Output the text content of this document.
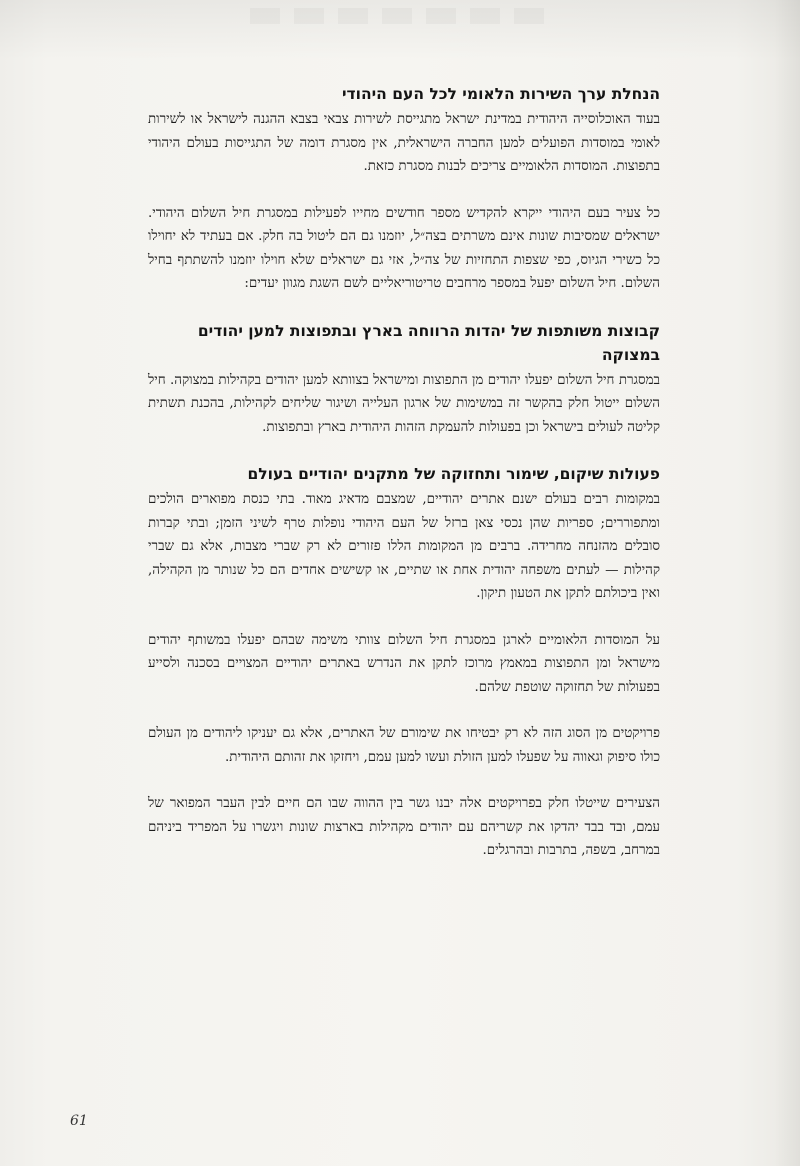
הנחלת ערך השירות הלאומי לכל העם היהודי

בעוד האוכלוסייה היהודית במדינת ישראל מתגייסת לשירות צבאי בצבא ההגנה לישראל או לשירות לאומי במוסדות הפועלים למען החברה הישראלית, אין מסגרת דומה של התגייסות בעולם היהודי בתפוצות. המוסדות הלאומיים צריכים לבנות מסגרת כזאת.

כל צעיר בעם היהודי ייקרא להקדיש מספר חודשים מחייו לפעילות במסגרת חיל השלום היהודי. ישראלים שמסיבות שונות אינם משרתים בצה״ל, יוזמנו גם הם ליטול בה חלק. אם בעתיד לא יחוילו כל כשירי הגיוס, כפי שצפות התחזיות של צה״ל, אזי גם ישראלים שלא חוילו יוזמנו להשתתף בחיל השלום. חיל השלום יפעל במספר מרחבים טריטוריאליים לשם השגת מגוון יעדים:

קבוצות משותפות של יהדות הרווחה בארץ ובתפוצות למען יהודים במצוקה

במסגרת חיל השלום יפעלו יהודים מן התפוצות ומישראל בצוותא למען יהודים בקהילות במצוקה. חיל השלום ייטול חלק בהקשר זה במשימות של ארגון העלייה ושיגור שליחים לקהילות, בהכנת תשתית קליטה לעולים בישראל וכן בפעולות להעמקת הזהות היהודית בארץ ובתפוצות.

פעולות שיקום, שימור ותחזוקה של מתקנים יהודיים בעולם

במקומות רבים בעולם ישנם אתרים יהודיים, שמצבם מדאיג מאוד. בתי כנסת מפוארים הולכים ומתפוררים; ספריות שהן נכסי צאן ברזל של העם היהודי נופלות טרף לשיני הזמן; ובתי קברות סובלים מהזנחה מחרידה. ברבים מן המקומות הללו פזורים לא רק שברי מצבות, אלא גם שברי קהילות — לעתים משפחה יהודית אחת או שתיים, או קשישים אחדים הם כל שנותר מן הקהילה, ואין ביכולתם לתקן את הטעון תיקון.

על המוסדות הלאומיים לארגן במסגרת חיל השלום צוותי משימה שבהם יפעלו במשותף יהודים מישראל ומן התפוצות במאמץ מרוכז לתקן את הנדרש באתרים יהודיים המצויים בסכנה ולסייע בפעולות של תחזוקה שוטפת שלהם.

פרויקטים מן הסוג הזה לא רק יבטיחו את שימורם של האתרים, אלא גם יעניקו ליהודים מן העולם כולו סיפוק וגאווה על שפעלו למען הזולת ועשו למען עמם, ויחזקו את זהותם היהודית.

הצעירים שייטלו חלק בפרויקטים אלה יבנו גשר בין ההווה שבו הם חיים לבין העבר המפואר של עמם, ובד בבד יהדקו את קשריהם עם יהודים מקהילות בארצות שונות ויגשרו על המפריד ביניהם במרחב, בשפה, בתרבות ובהרגלים.

61
